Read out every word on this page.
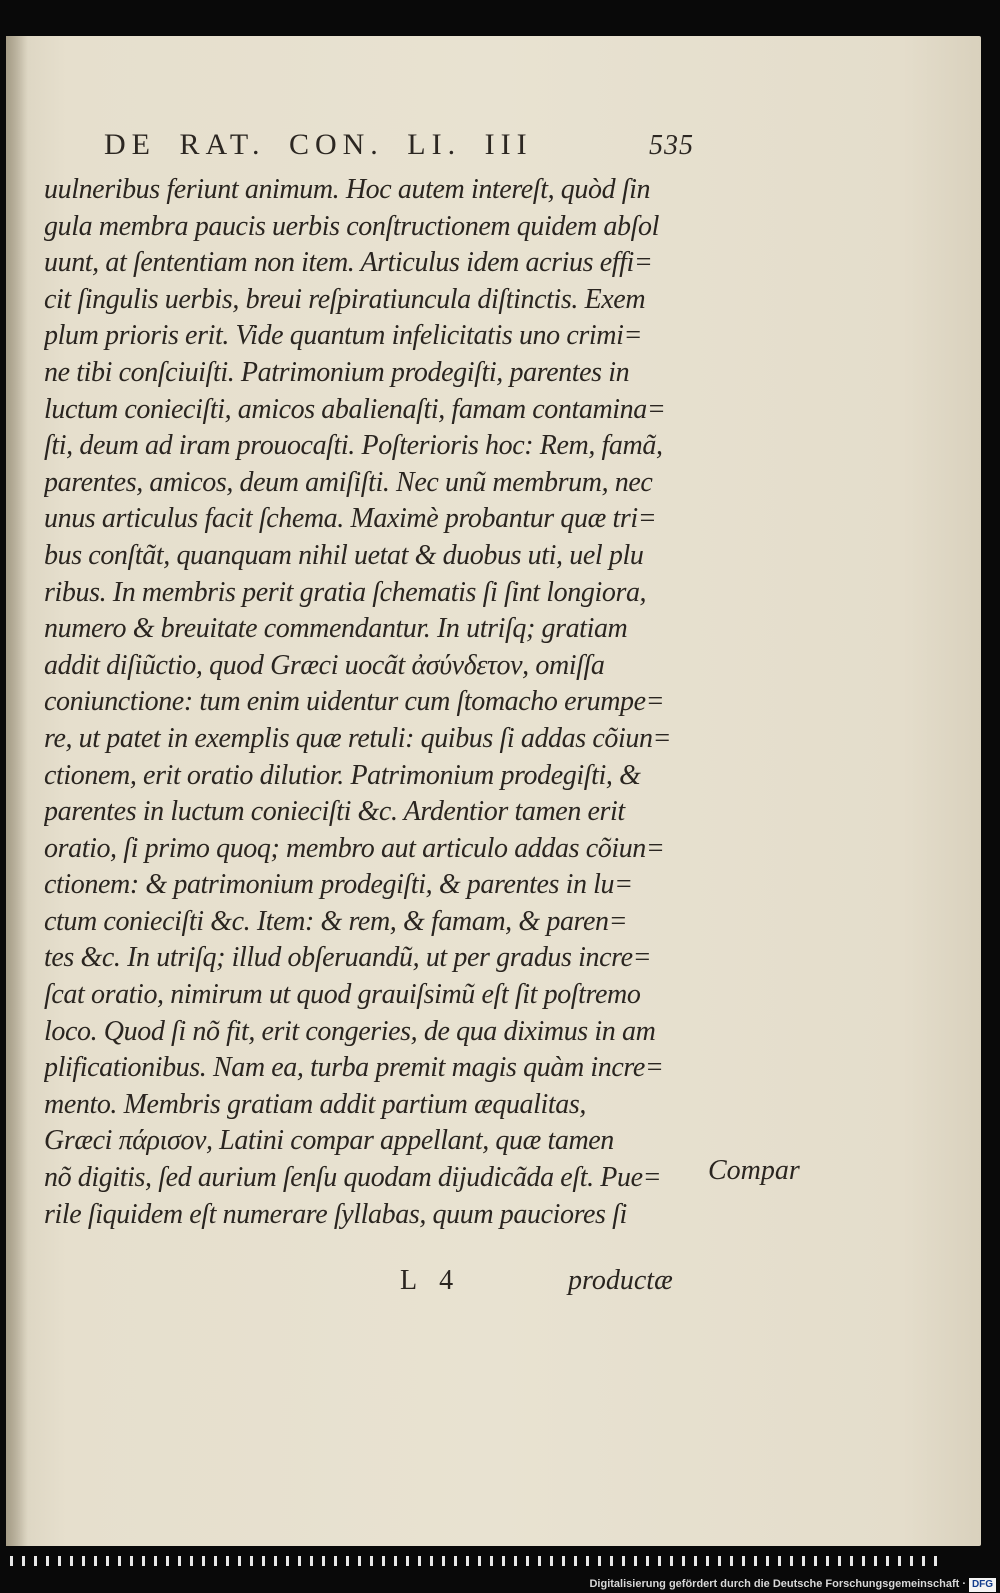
DE RAT. CON. LI. III	535
uulneribus feriunt animum. Hoc autem intereſt, quòd ſin
gula membra paucis uerbis conſtructionem quidem abſol
uunt, at ſententiam non item. Articulus idem acrius effi=
cit ſingulis uerbis, breui reſpiratiuncula diſtinctis. Exem
plum prioris erit. Vide quantum infelicitatis uno crimi=
ne tibi conſciuiſti. Patrimonium prodegiſti, parentes in
luctum conieciſti, amicos abalienaſti, famam contamina=
ſti, deum ad iram prouocaſti. Poſterioris hoc: Rem, famã,
parentes, amicos, deum amiſiſti. Nec unũ membrum, nec
unus articulus facit ſchema. Maximè probantur quæ tri=
bus conſtãt, quanquam nihil uetat & duobus uti, uel plu
ribus. In membris perit gratia ſchematis ſi ſint longiora,
numero & breuitate commendantur. In utriſq; gratiam
addit diſiũctio, quod Græci uocãt ἀσύνδετον, omiſſa
coniunctione: tum enim uidentur cum ſtomacho erumpe=
re, ut patet in exemplis quæ retuli: quibus ſi addas cõiun=
ctionem, erit oratio dilutior. Patrimonium prodegiſti, &
parentes in luctum conieciſti &c. Ardentior tamen erit
oratio, ſi primo quoq; membro aut articulo addas cõiun=
ctionem: & patrimonium prodegiſti, & parentes in lu=
ctum conieciſti &c. Item: & rem, & famam, & paren=
tes &c. In utriſq; illud obſeruandũ, ut per gradus incre=
ſcat oratio, nimirum ut quod grauiſsimũ eſt ſit poſtremo
loco. Quod ſi nõ fit, erit congeries, de qua diximus in am
plificationibus. Nam ea, turba premit magis quàm incre=
mento. Membris gratiam addit partium æqualitas,
Græci πάρισον, Latini compar appellant, quæ tamen
nõ digitis, ſed aurium ſenſu quodam dijudicãda eſt. Pue=
rile ſiquidem eſt numerare ſyllabas, quum pauciores ſi
Compar
L 4	productæ
Digitalisierung gefördert durch die Deutsche Forschungsgemeinschaft · DFG
